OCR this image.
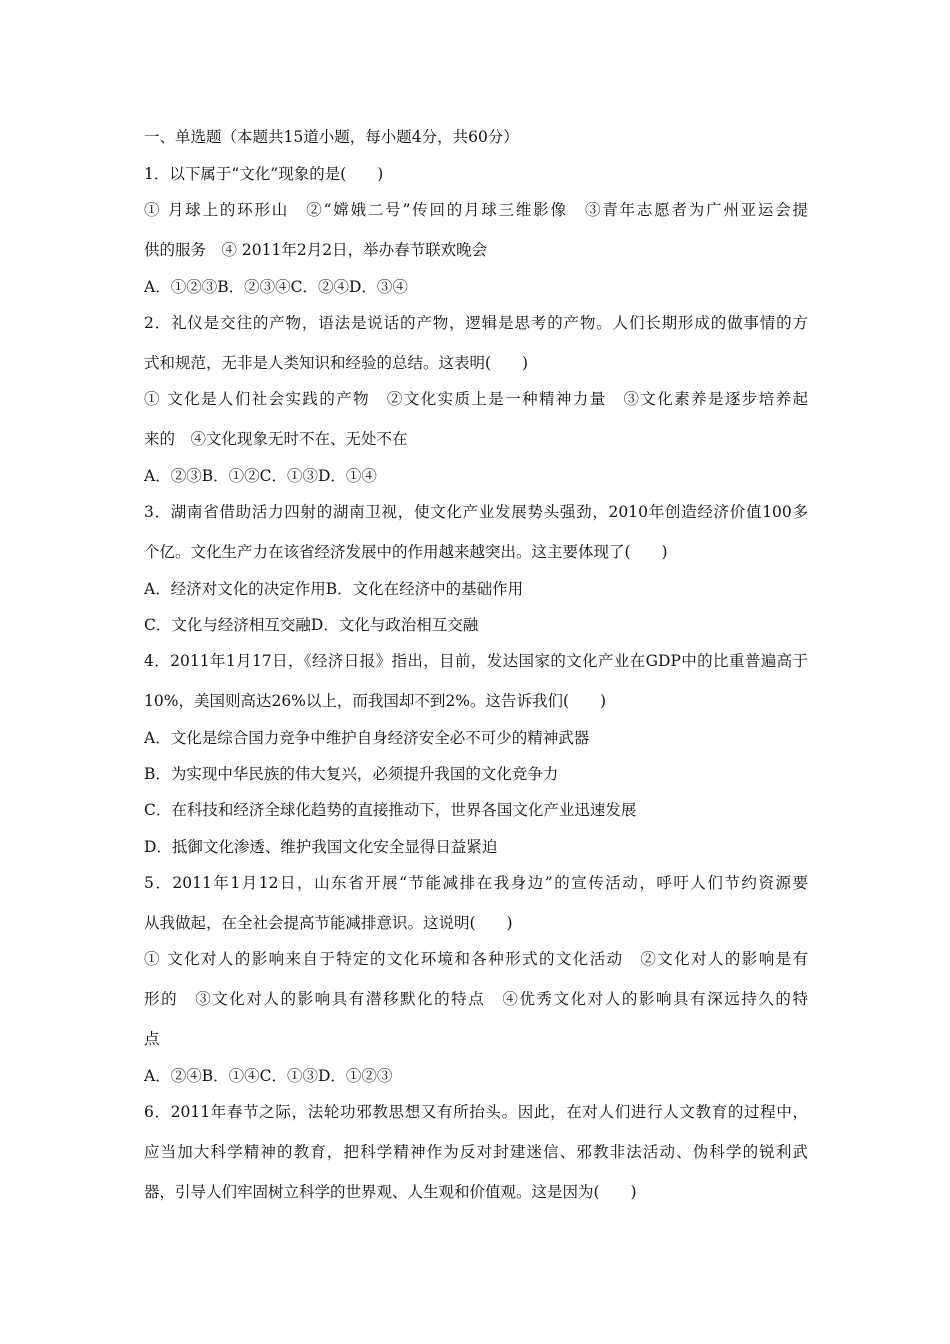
一、单选题（本题共15道小题，每小题4分，共60分）
1．以下属于“文化”现象的是(　　)
① 月球上的环形山　②“嫦娥二号”传回的月球三维影像　③青年志愿者为广州亚运会提
供的服务　④ 2011年2月2日，举办春节联欢晚会
A．①②③B．②③④C．②④D．③④
2．礼仪是交往的产物，语法是说话的产物，逻辑是思考的产物。人们长期形成的做事情的方
式和规范，无非是人类知识和经验的总结。这表明(　　)
① 文化是人们社会实践的产物　②文化实质上是一种精神力量　③文化素养是逐步培养起
来的　④文化现象无时不在、无处不在
A．②③B．①②C．①③D．①④
3．湖南省借助活力四射的湖南卫视，使文化产业发展势头强劲，2010年创造经济价值100多
个亿。文化生产力在该省经济发展中的作用越来越突出。这主要体现了(　　)
A．经济对文化的决定作用B．文化在经济中的基础作用
C．文化与经济相互交融D．文化与政治相互交融
4．2011年1月17日，《经济日报》指出，目前，发达国家的文化产业在GDP中的比重普遍高于
10%，美国则高达26%以上，而我国却不到2%。这告诉我们(　　)
A．文化是综合国力竞争中维护自身经济安全必不可少的精神武器
B．为实现中华民族的伟大复兴，必须提升我国的文化竞争力
C．在科技和经济全球化趋势的直接推动下，世界各国文化产业迅速发展
D．抵御文化渗透、维护我国文化安全显得日益紧迫
5．2011年1月12日，山东省开展“节能减排在我身边”的宣传活动，呼吁人们节约资源要
从我做起，在全社会提高节能减排意识。这说明(　　)
① 文化对人的影响来自于特定的文化环境和各种形式的文化活动　②文化对人的影响是有
形的　③文化对人的影响具有潜移默化的特点　④优秀文化对人的影响具有深远持久的特
点
A．②④B．①④C．①③D．①②③
6．2011年春节之际，法轮功邪教思想又有所抬头。因此，在对人们进行人文教育的过程中，
应当加大科学精神的教育，把科学精神作为反对封建迷信、邪教非法活动、伪科学的锐利武
器，引导人们牢固树立科学的世界观、人生观和价值观。这是因为(　　)
